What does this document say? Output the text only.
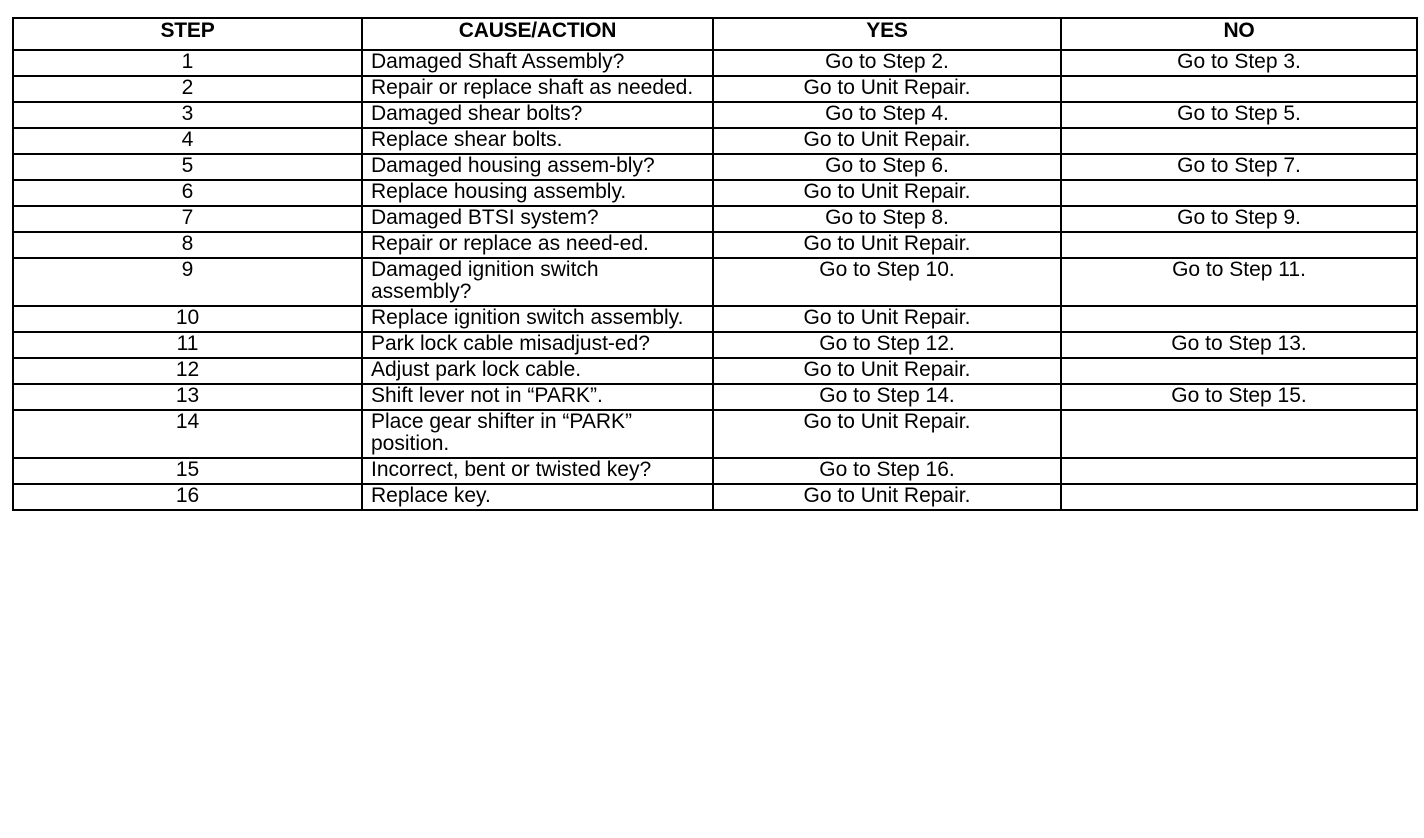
STEP	CAUSE/ACTION	YES	NO
1	Damaged Shaft Assembly?	Go to Step 2.	Go to Step 3.
2	Repair or replace shaft as needed.	Go to Unit Repair.	
3	Damaged shear bolts?	Go to Step 4.	Go to Step 5.
4	Replace shear bolts.	Go to Unit Repair.	
5	Damaged housing assem-bly?	Go to Step 6.	Go to Step 7.
6	Replace housing assembly.	Go to Unit Repair.	
7	Damaged BTSI system?	Go to Step 8.	Go to Step 9.
8	Repair or replace as need-ed.	Go to Unit Repair.	
9	Damaged ignition switch assembly?	Go to Step 10.	Go to Step 11.
10	Replace ignition switch assembly.	Go to Unit Repair.	
11	Park lock cable misadjust-ed?	Go to Step 12.	Go to Step 13.
12	Adjust park lock cable.	Go to Unit Repair.	
13	Shift lever not in “PARK”.	Go to Step 14.	Go to Step 15.
14	Place gear shifter in “PARK” position.	Go to Unit Repair.	
15	Incorrect, bent or twisted key?	Go to Step 16.	
16	Replace key.	Go to Unit Repair.	
